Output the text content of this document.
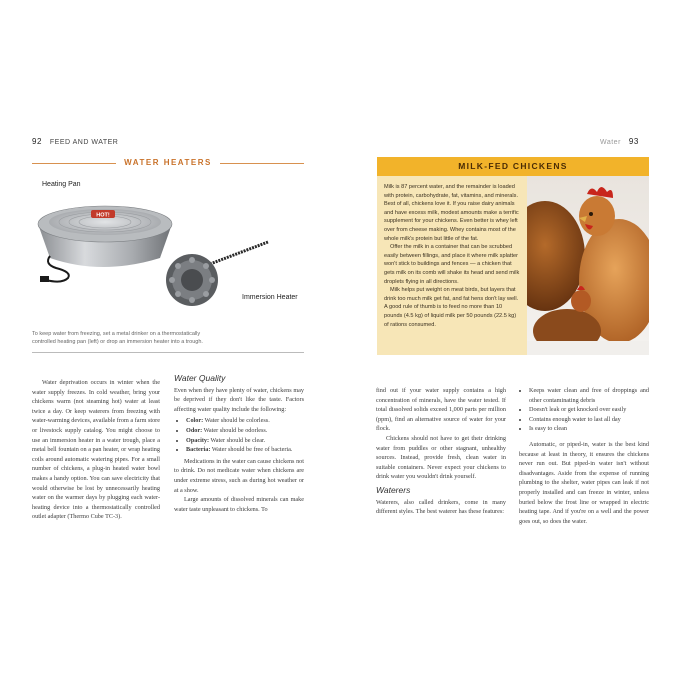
92 FEED AND WATER
WATER HEATERS
Heating Pan
HOT!
Immersion Heater
To keep water from freezing, set a metal drinker on a thermostatically
controlled heating pan (left) or drop an immersion heater into a trough.

Water deprivation occurs in winter when the water supply freezes. In cold weather, bring your chickens warm (not steaming hot) water at least twice a day. Or keep waterers from freezing with water-warming devices, available from a farm store or livestock supply catalog. You might choose to use an immersion heater in a water trough, place a metal bell fountain on a pan heater, or wrap heating coils around automatic watering pipes. For a small number of chickens, a plug-in heated water bowl makes a handy option. You can save electricity that would otherwise be lost by unnecessarily heating water on the warmer days by plugging each water-heating device into a thermostatically controlled outlet adapter (Thermo Cube TC-3).

Water Quality

Even when they have plenty of water, chickens may be deprived if they don't like the taste. Factors affecting water quality include the following:

• Color: Water should be colorless.
• Odor: Water should be odorless.
• Opacity: Water should be clear.
• Bacteria: Water should be free of bacteria.

Medications in the water can cause chickens not to drink. Do not medicate water when chickens are under extreme stress, such as during hot weather or at a show.

Large amounts of dissolved minerals can make water taste unpleasant to chickens. To

Water 93
MILK-FED CHICKENS

Milk is 87 percent water, and the remainder is loaded with protein, carbohydrate, fat, vitamins, and minerals. Best of all, chickens love it. If you raise dairy animals and have excess milk, modest amounts make a terrific supplement for your chickens. Even better is whey left over from cheese making. Whey contains most of the whole milk's protein but little of the fat.

Offer the milk in a container that can be scrubbed easily between fillings, and place it where milk splatter won't stick to buildings and fences — a chicken that gets milk on its comb will shake its head and send milk droplets flying in all directions.

Milk helps put weight on meat birds, but layers that drink too much milk get fat, and fat hens don't lay well. A good rule of thumb is to feed no more than 10 pounds (4.5 kg) of liquid milk per 50 pounds (22.5 kg) of rations consumed.

find out if your water supply contains a high concentration of minerals, have the water tested. If total dissolved solids exceed 1,000 parts per million (ppm), find an alternative source of water for your flock.

Chickens should not have to get their drinking water from puddles or other stagnant, unhealthy sources. Instead, provide fresh, clean water in suitable containers. Never expect your chickens to drink water you wouldn't drink yourself.

Waterers

Waterers, also called drinkers, come in many different styles. The best waterer has these features:

• Keeps water clean and free of droppings and other contaminating debris
• Doesn't leak or get knocked over easily
• Contains enough water to last all day
• Is easy to clean

Automatic, or piped-in, water is the best kind because at least in theory, it ensures the chickens never run out. But piped-in water isn't without disadvantages. Aside from the expense of running plumbing to the shelter, water pipes can leak if not properly installed and can freeze in winter, unless buried below the frost line or wrapped in electric heating tape. And if you're on a well and the power goes out, so does the water.
